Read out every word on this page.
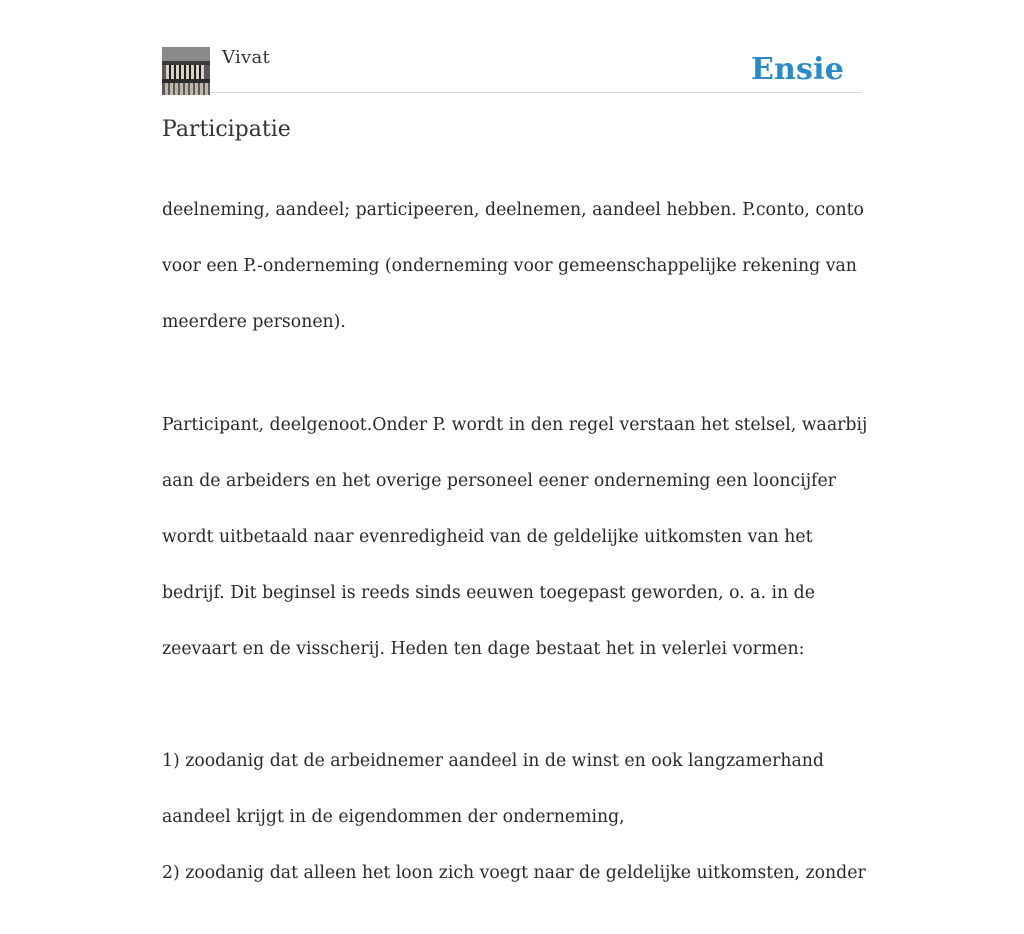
Vivat	Ensie
Participatie

deelneming, aandeel; participeeren, deelnemen, aandeel hebben. P.conto, conto

voor een P.-onderneming (onderneming voor gemeenschappelijke rekening van

meerdere personen).

Participant, deelgenoot.Onder P. wordt in den regel verstaan het stelsel, waarbij

aan de arbeiders en het overige personeel eener onderneming een looncijfer

wordt uitbetaald naar evenredigheid van de geldelijke uitkomsten van het

bedrijf. Dit beginsel is reeds sinds eeuwen toegepast geworden, o. a. in de

zeevaart en de visscherij. Heden ten dage bestaat het in velerlei vormen:

1) zoodanig dat de arbeidnemer aandeel in de winst en ook langzamerhand

aandeel krijgt in de eigendommen der onderneming,

2) zoodanig dat alleen het loon zich voegt naar de geldelijke uitkomsten, zonder
